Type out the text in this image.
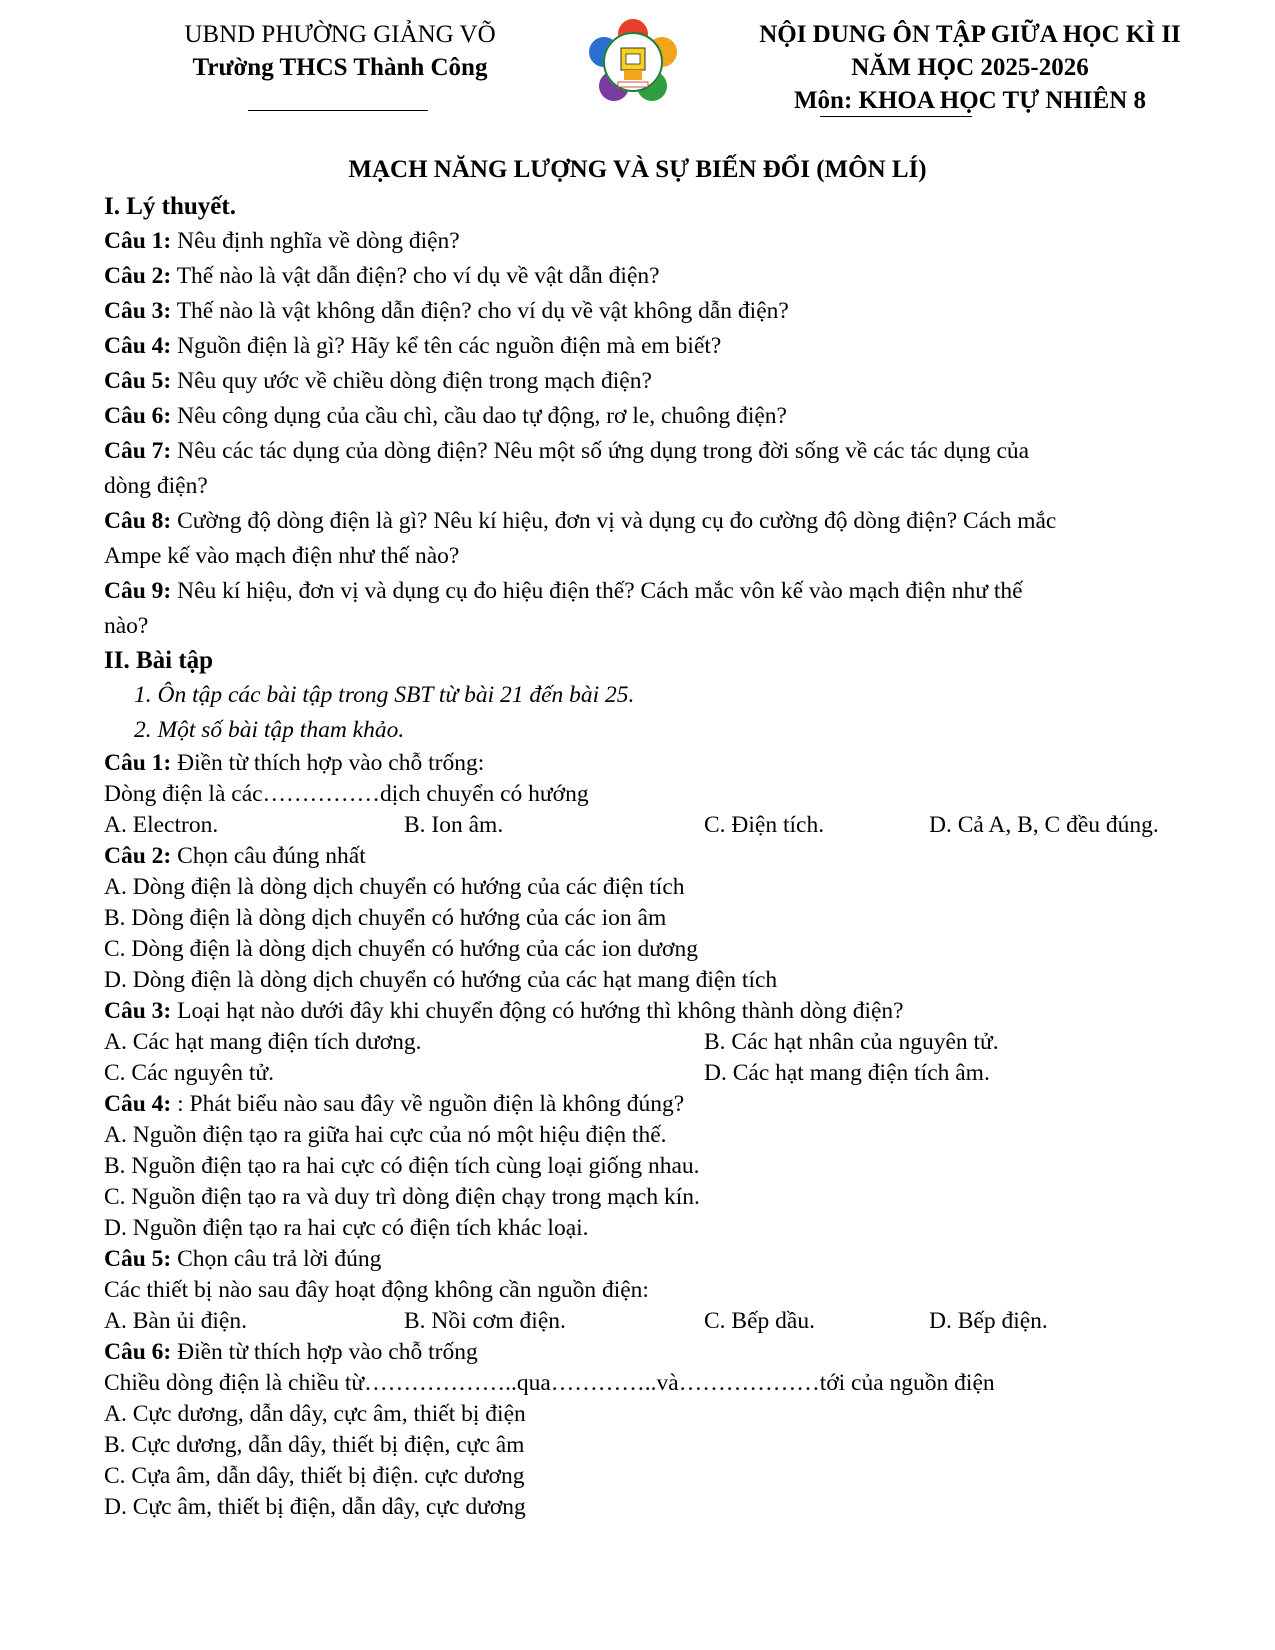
UBND PHƯỜNG GIẢNG VÕ
Trường THCS Thành Công
NỘI DUNG ÔN TẬP GIỮA HỌC KÌ II
NĂM HỌC 2025-2026
Môn: KHOA HỌC TỰ NHIÊN 8
MẠCH NĂNG LƯỢNG VÀ SỰ BIẾN ĐỔI (MÔN LÍ)
I. Lý thuyết.
Câu 1: Nêu định nghĩa về dòng điện?
Câu 2: Thế nào là vật dẫn điện? cho ví dụ về vật dẫn điện?
Câu 3: Thế nào là vật không dẫn điện? cho ví dụ về vật không dẫn điện?
Câu 4: Nguồn điện là gì? Hãy kể tên các nguồn điện mà em biết?
Câu 5: Nêu quy ước về chiều dòng điện trong mạch điện?
Câu 6: Nêu công dụng của cầu chì, cầu dao tự động, rơ le, chuông điện?
Câu 7: Nêu các tác dụng của dòng điện? Nêu một số ứng dụng trong đời sống về các tác dụng của
dòng điện?
Câu 8: Cường độ dòng điện là gì? Nêu kí hiệu, đơn vị và dụng cụ đo cường độ dòng điện? Cách mắc
Ampe kế vào mạch điện như thế nào?
Câu 9: Nêu kí hiệu, đơn vị và dụng cụ đo hiệu điện thế? Cách mắc vôn kế vào mạch điện như thế
nào?
II. Bài tập
1. Ôn tập các bài tập trong SBT từ bài 21 đến bài 25.
2. Một số bài tập tham khảo.
Câu 1: Điền từ thích hợp vào chỗ trống:
Dòng điện là các……………dịch chuyển có hướng
A. Electron.	B. Ion âm.	C. Điện tích.	D. Cả A, B, C đều đúng.
Câu 2: Chọn câu đúng nhất
A. Dòng điện là dòng dịch chuyển có hướng của các điện tích
B. Dòng điện là dòng dịch chuyển có hướng của các ion âm
C. Dòng điện là dòng dịch chuyển có hướng của các ion dương
D. Dòng điện là dòng dịch chuyển có hướng của các hạt mang điện tích
Câu 3: Loại hạt nào dưới đây khi chuyển động có hướng thì không thành dòng điện?
A. Các hạt mang điện tích dương.	B. Các hạt nhân của nguyên tử.
C. Các nguyên tử.	D. Các hạt mang điện tích âm.
Câu 4: : Phát biểu nào sau đây về nguồn điện là không đúng?
A. Nguồn điện tạo ra giữa hai cực của nó một hiệu điện thế.
B. Nguồn điện tạo ra hai cực có điện tích cùng loại giống nhau.
C. Nguồn điện tạo ra và duy trì dòng điện chạy trong mạch kín.
D. Nguồn điện tạo ra hai cực có điện tích khác loại.
Câu 5: Chọn câu trả lời đúng
Các thiết bị nào sau đây hoạt động không cần nguồn điện:
A. Bàn ủi điện.	B. Nồi cơm điện.	C. Bếp dầu.	D. Bếp điện.
Câu 6: Điền từ thích hợp vào chỗ trống
Chiều dòng điện là chiều từ………………..qua…………..và………………tới của nguồn điện
A. Cực dương, dẫn dây, cực âm, thiết bị điện
B. Cực dương, dẫn dây, thiết bị điện, cực âm
C. Cựa âm, dẫn dây, thiết bị điện. cực dương
D. Cực âm, thiết bị điện, dẫn dây, cực dương
